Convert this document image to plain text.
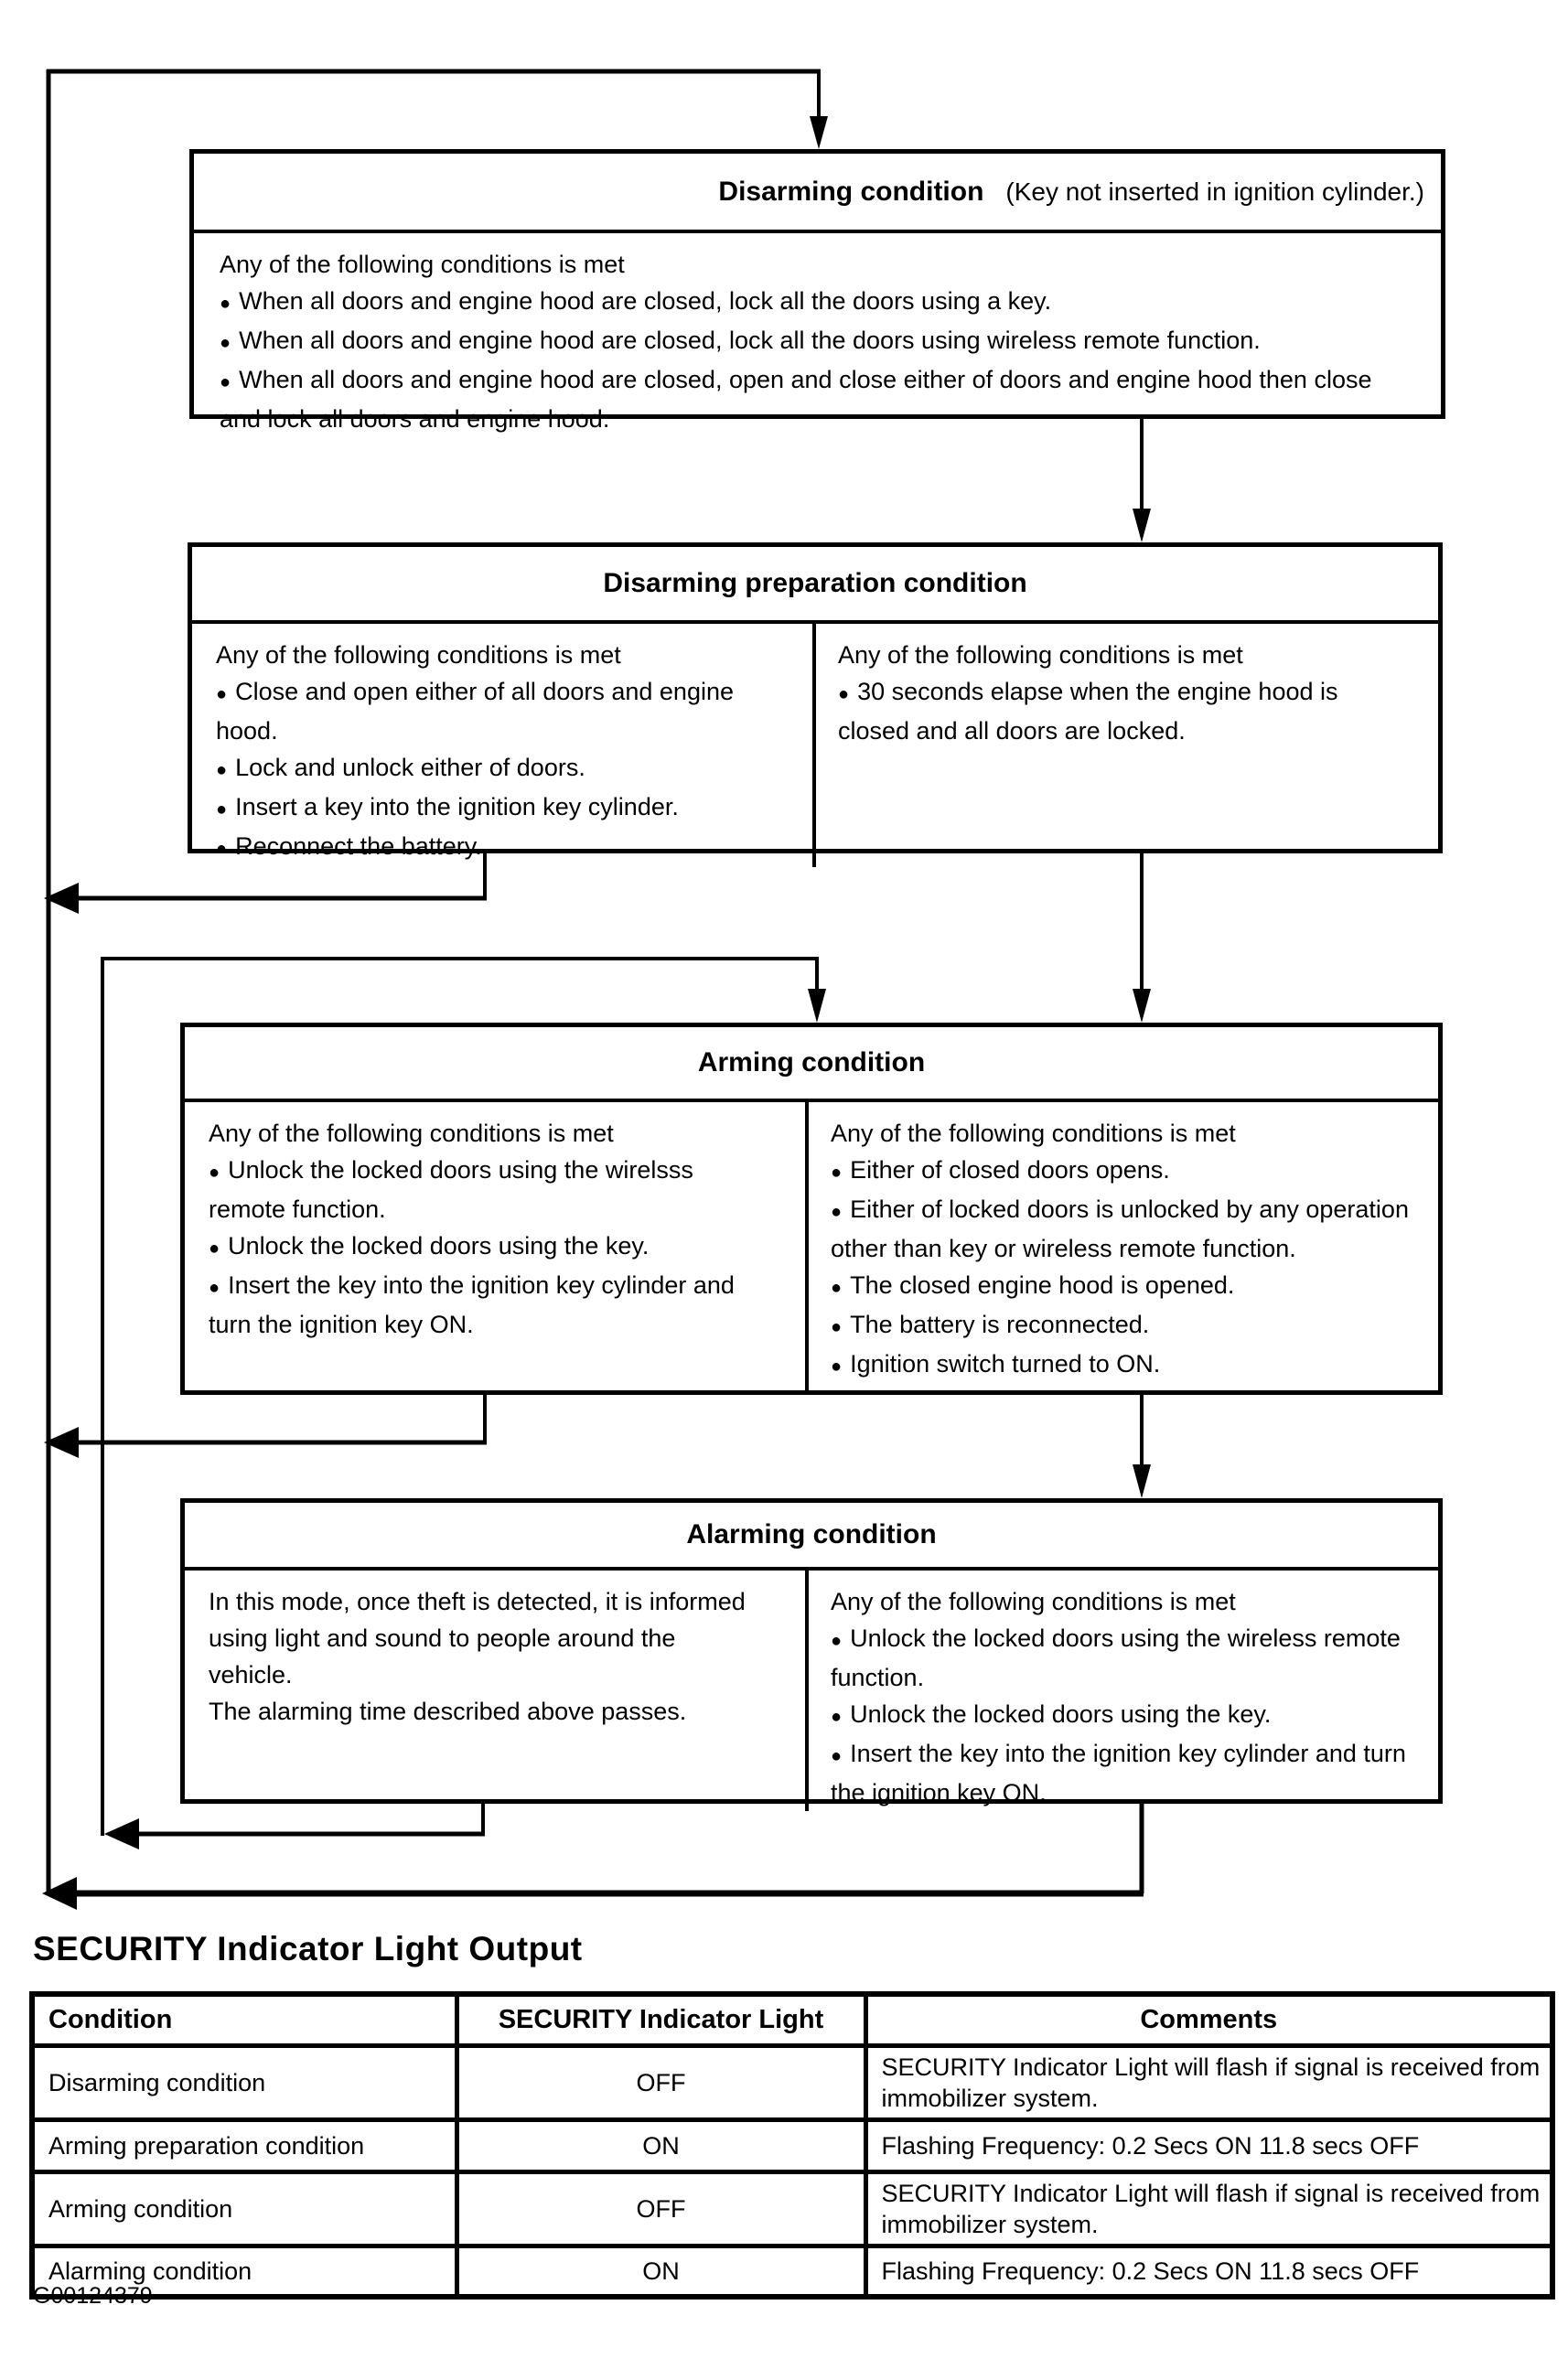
Disarming condition (Key not inserted in ignition cylinder.)
Any of the following conditions is met
● When all doors and engine hood are closed, lock all the doors using a key.
● When all doors and engine hood are closed, lock all the doors using wireless remote function.
● When all doors and engine hood are closed, open and close either of doors and engine hood then close and lock all doors and engine hood.
Disarming preparation condition
Any of the following conditions is met
● Close and open either of all doors and engine hood.
● Lock and unlock either of doors.
● Insert a key into the ignition key cylinder.
● Reconnect the battery.
Any of the following conditions is met
● 30 seconds elapse when the engine hood is closed and all doors are locked.
Arming condition
Any of the following conditions is met
● Unlock the locked doors using the wirelsss remote function.
● Unlock the locked doors using the key.
● Insert the key into the ignition key cylinder and turn the ignition key ON.
Any of the following conditions is met
● Either of closed doors opens.
● Either of locked doors is unlocked by any operation other than key or wireless remote function.
● The closed engine hood is opened.
● The battery is reconnected.
● Ignition switch turned to ON.
Alarming condition
In this mode, once theft is detected, it is informed using light and sound to people around the vehicle.
The alarming time described above passes.
Any of the following conditions is met
● Unlock the locked doors using the wireless remote function.
● Unlock the locked doors using the key.
● Insert the key into the ignition key cylinder and turn the ignition key ON.
SECURITY Indicator Light Output
Condition	SECURITY Indicator Light	Comments
Disarming condition	OFF	SECURITY Indicator Light will flash if signal is received from immobilizer system.
Arming preparation condition	ON	Flashing Frequency: 0.2 Secs ON 11.8 secs OFF
Arming condition	OFF	SECURITY Indicator Light will flash if signal is received from immobilizer system.
Alarming condition	ON	Flashing Frequency: 0.2 Secs ON 11.8 secs OFF
G00124379
